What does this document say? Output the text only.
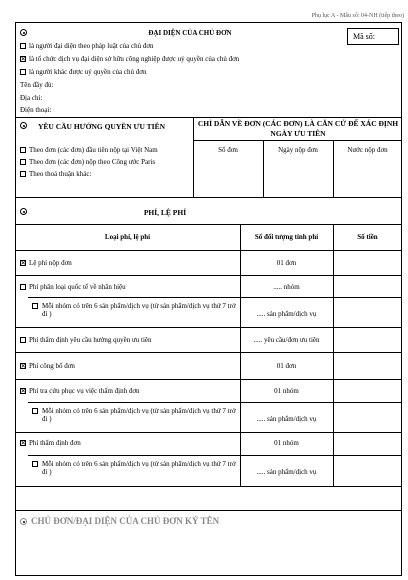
Phụ lục A - Mẫu số: 04-NH (tiếp theo)
ĐẠI DIỆN CỦA CHỦ ĐƠN	Mã số:
là người đại diện theo pháp luật của chủ đơn
✕là tổ chức dịch vụ đại diện sở hữu công nghiệp được uỷ quyền của chủ đơn
là người khác được uỷ quyền của chủ đơn
Tên đầy đủ:
Địa chỉ:
Điện thoại:
YÊU CẦU HƯỞNG QUYỀN ƯU TIÊN	CHỈ DẪN VỀ ĐƠN (CÁC ĐƠN) LÀ CĂN CỨ ĐỂ XÁC ĐỊNH NGÀY ƯU TIÊN
Số đơn	Ngày nộp đơn	Nước nộp đơn
Theo đơn (các đơn) đầu tiên nộp tại Việt Nam
Theo đơn (các đơn) nộp theo Công ước Paris
Theo thoả thuận khác:
PHÍ, LỆ PHÍ
Loại phí, lệ phí	Số đối tượng tính phí	Số tiền
✕Lệ phí nộp đơn	01 đơn
Phí phân loại quốc tế về nhãn hiệu	..... nhóm
Mỗi nhóm có trên 6 sản phẩm/dịch vụ (từ sản phẩm/dịch vụ thứ 7 trở đi )	..... sản phẩm/dịch vụ
Phí thẩm định yêu cầu hưởng quyền ưu tiên	..... yêu cầu/đơn ưu tiên
✕Phí công bố đơn	01 đơn
✕Phí tra cứu phục vụ việc thẩm định đơn	01 nhóm
Mỗi nhóm có trên 6 sản phẩm/dịch vụ (từ sản phẩm/dịch vụ thứ 7 trở đi )	..... sản phẩm/dịch vụ
✕Phí thẩm định đơn	01 nhóm
Mỗi nhóm có trên 6 sản phẩm/dịch vụ (từ sản phẩm/dịch vụ thứ 7 trở đi )	..... sản phẩm/dịch vụ
CHỦ ĐƠN/ĐẠI DIỆN CỦA CHỦ ĐƠN KÝ TÊN
